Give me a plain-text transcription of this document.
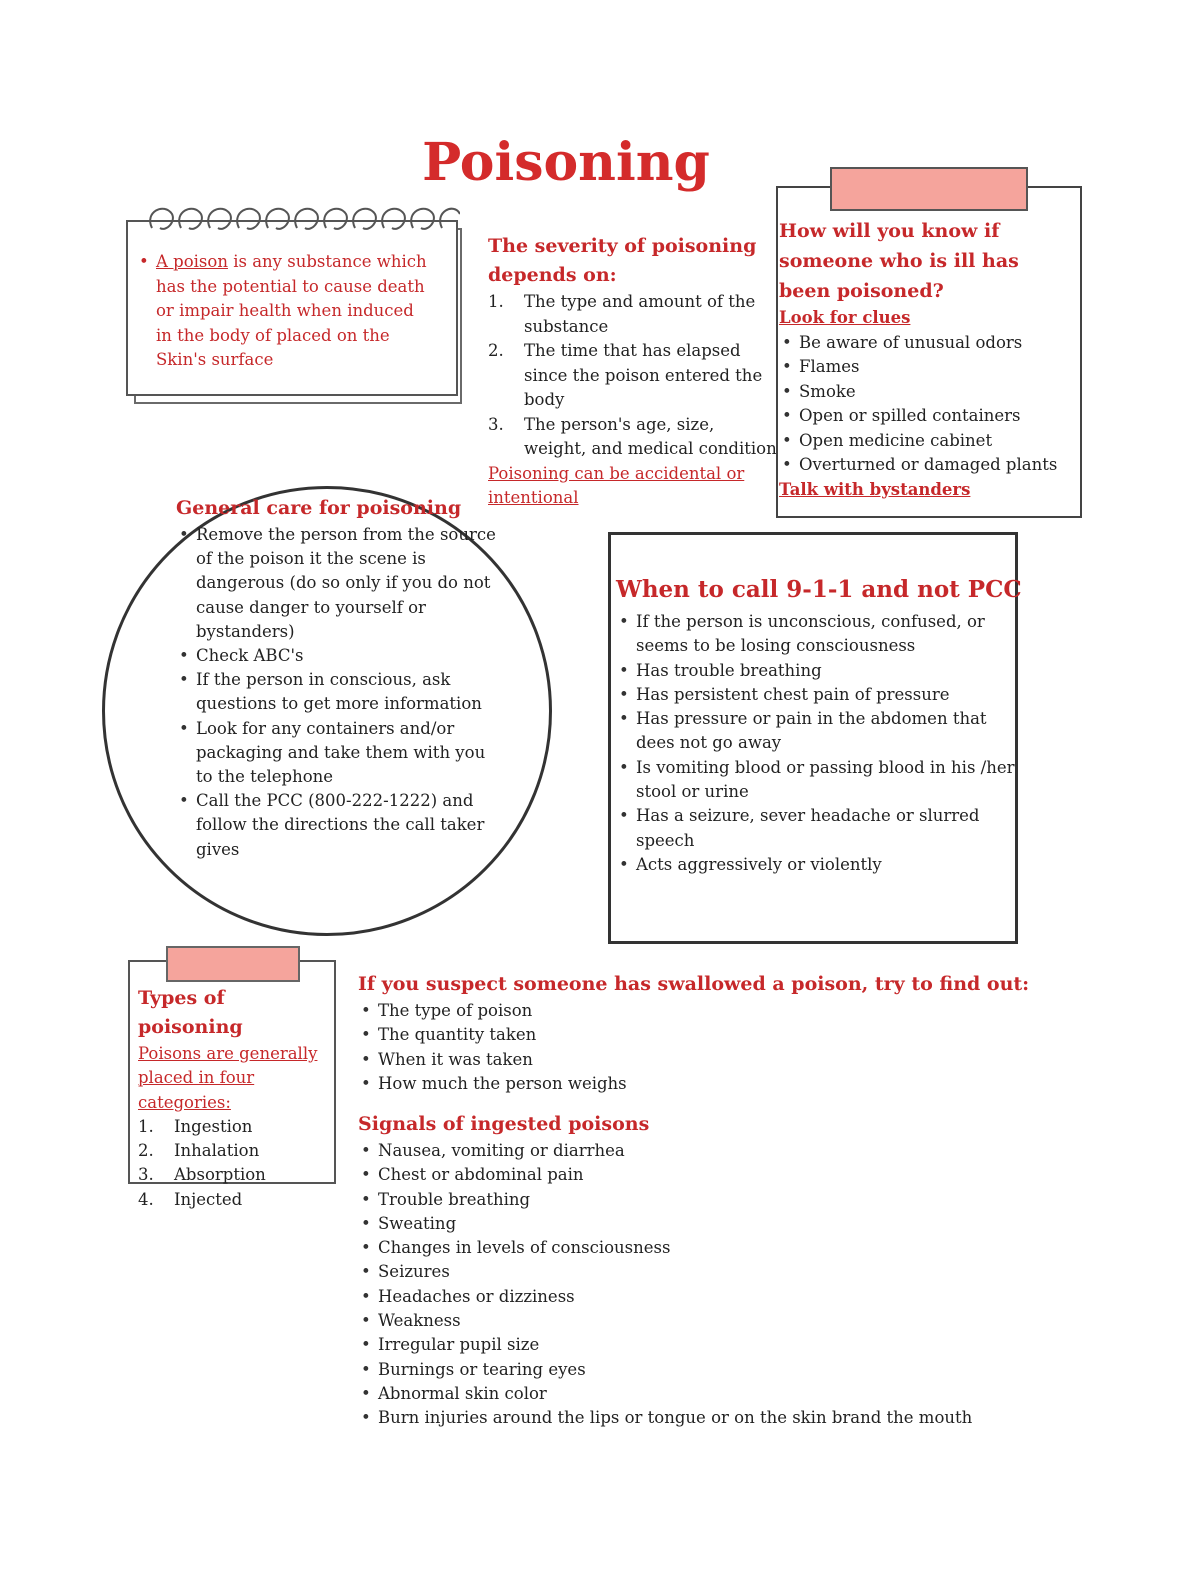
Poisoning
• A poison is any substance which has the potential to cause death or impair health when induced in the body of placed on the Skin's surface
The severity of poisoning depends on:
1. The type and amount of the substance
2. The time that has elapsed since the poison entered the body
3. The person's age, size, weight, and medical condition
Poisoning can be accidental or intentional
How will you know if someone who is ill has been poisoned?
Look for clues
• Be aware of unusual odors
• Flames
• Smoke
• Open or spilled containers
• Open medicine cabinet
• Overturned or damaged plants
Talk with bystanders
General care for poisoning
• Remove the person from the source of the poison it the scene is dangerous (do so only if you do not cause danger to yourself or bystanders)
• Check ABC's
• If the person in conscious, ask questions to get more information
• Look for any containers and/or packaging and take them with you to the telephone
• Call the PCC (800-222-1222) and follow the directions the call taker gives
When to call 9-1-1 and not PCC
• If the person is unconscious, confused, or seems to be losing consciousness
• Has trouble breathing
• Has persistent chest pain of pressure
• Has pressure or pain in the abdomen that dees not go away
• Is vomiting blood or passing blood in his /her stool or urine
• Has a seizure, sever headache or slurred speech
• Acts aggressively or violently
Types of poisoning
Poisons are generally placed in four categories:
1. Ingestion
2. Inhalation
3. Absorption
4. Injected
If you suspect someone has swallowed a poison, try to find out:
• The type of poison
• The quantity taken
• When it was taken
• How much the person weighs
Signals of ingested poisons
• Nausea, vomiting or diarrhea
• Chest or abdominal pain
• Trouble breathing
• Sweating
• Changes in levels of consciousness
• Seizures
• Headaches or dizziness
• Weakness
• Irregular pupil size
• Burnings or tearing eyes
• Abnormal skin color
• Burn injuries around the lips or tongue or on the skin brand the mouth
